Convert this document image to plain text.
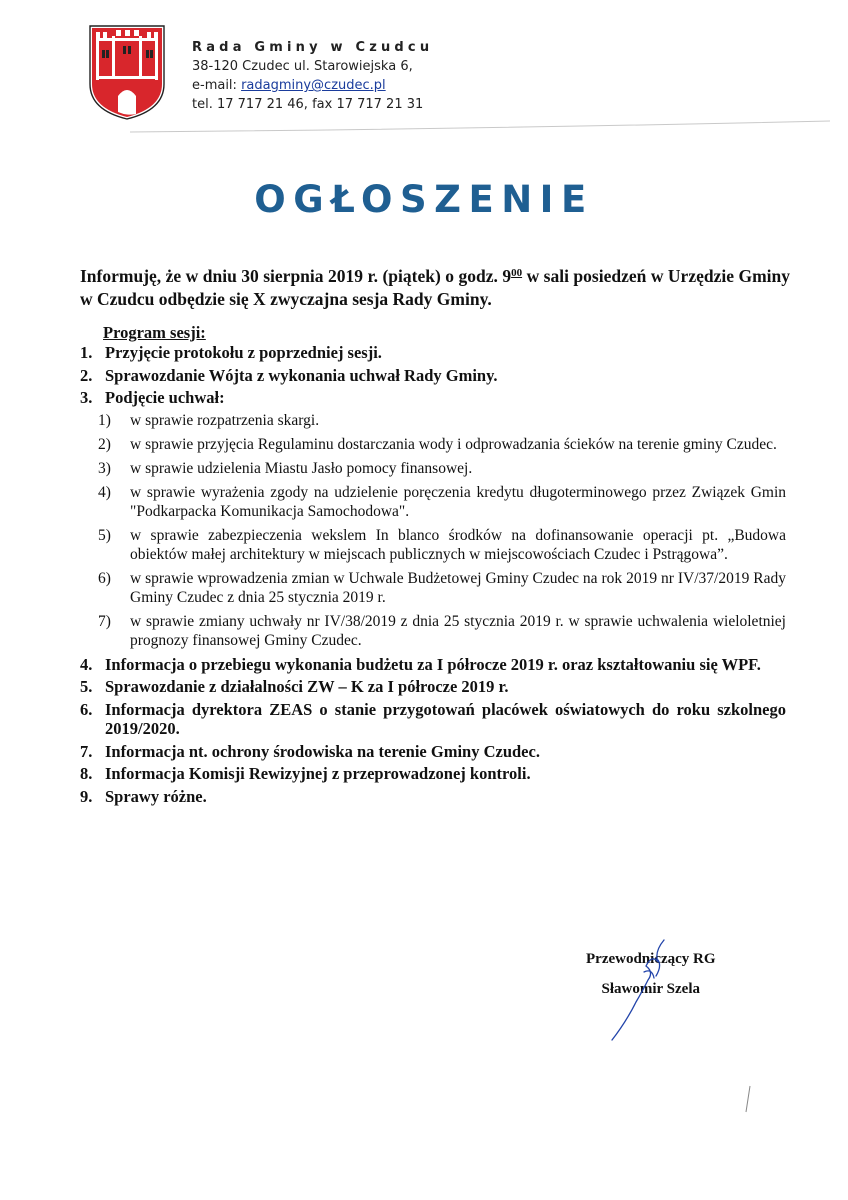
Rada Gminy w Czudcu
38-120 Czudec ul. Starowiejska 6,
e-mail: radagminy@czudec.pl
tel. 17 717 21 46, fax 17 717 21 31
OGŁOSZENIE
Informuję, że w dniu 30 sierpnia 2019 r. (piątek) o godz. $9^{00}$ w sali posiedzeń w Urzędzie Gminy w Czudcu odbędzie się X zwyczajna sesja Rady Gminy.
Program sesji:
1. Przyjęcie protokołu z poprzedniej sesji.
2. Sprawozdanie Wójta z wykonania uchwał Rady Gminy.
3. Podjęcie uchwał:
1)	w sprawie rozpatrzenia skargi.
2)	w sprawie przyjęcia Regulaminu dostarczania wody i odprowadzania ścieków na terenie gminy Czudec.
3)	w sprawie udzielenia Miastu Jasło pomocy finansowej.
4)	w sprawie wyrażenia zgody na udzielenie poręczenia kredytu długoterminowego przez Związek Gmin "Podkarpacka Komunikacja Samochodowa".
5)	w sprawie zabezpieczenia wekslem In blanco środków na dofinansowanie operacji pt. „Budowa obiektów małej architektury w miejscach publicznych w miejscowościach Czudec i Pstrągowa”.
6)	w sprawie wprowadzenia zmian w Uchwale Budżetowej Gminy Czudec na rok 2019 nr IV/37/2019 Rady Gminy Czudec z dnia 25 stycznia 2019 r.
7)	w sprawie zmiany uchwały nr IV/38/2019 z dnia 25 stycznia 2019 r. w sprawie uchwalenia wieloletniej prognozy finansowej Gminy Czudec.
4. Informacja o przebiegu wykonania budżetu za I półrocze 2019 r. oraz kształtowaniu się WPF.
5. Sprawozdanie z działalności ZW – K za I półrocze 2019 r.
6. Informacja dyrektora ZEAS o stanie przygotowań placówek oświatowych do roku szkolnego 2019/2020.
7. Informacja nt. ochrony środowiska na terenie Gminy Czudec.
8. Informacja Komisji Rewizyjnej z przeprowadzonej kontroli.
9. Sprawy różne.
Przewodniczący RG
Sławomir Szela
